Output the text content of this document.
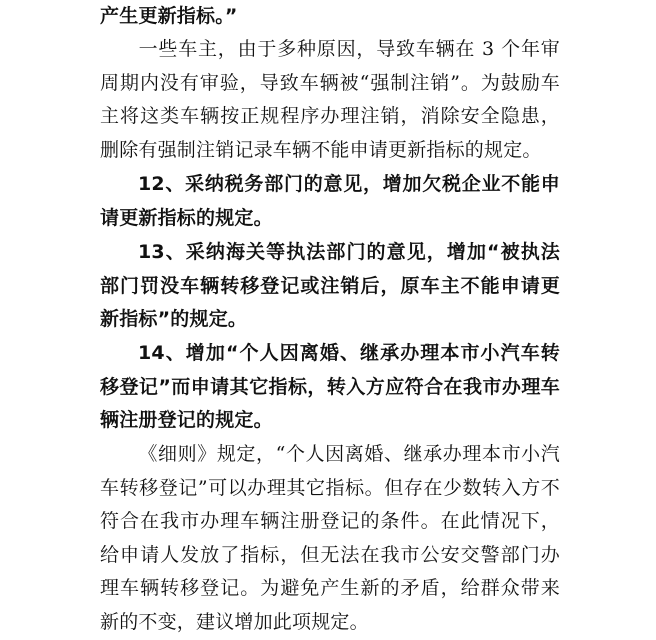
产生更新指标。”

一些车主，由于多种原因，导致车辆在 3 个年审周期内没有审验，导致车辆被“强制注销”。为鼓励车主将这类车辆按正规程序办理注销，消除安全隐患，删除有强制注销记录车辆不能申请更新指标的规定。

12、采纳税务部门的意见，增加欠税企业不能申请更新指标的规定。

13、采纳海关等执法部门的意见，增加“被执法部门罚没车辆转移登记或注销后，原车主不能申请更新指标”的规定。

14、增加“个人因离婚、继承办理本市小汽车转移登记”而申请其它指标，转入方应符合在我市办理车辆注册登记的规定。

《细则》规定，“个人因离婚、继承办理本市小汽车转移登记”可以办理其它指标。但存在少数转入方不符合在我市办理车辆注册登记的条件。在此情况下，给申请人发放了指标，但无法在我市公安交警部门办理车辆转移登记。为避免产生新的矛盾，给群众带来新的不变，建议增加此项规定。
